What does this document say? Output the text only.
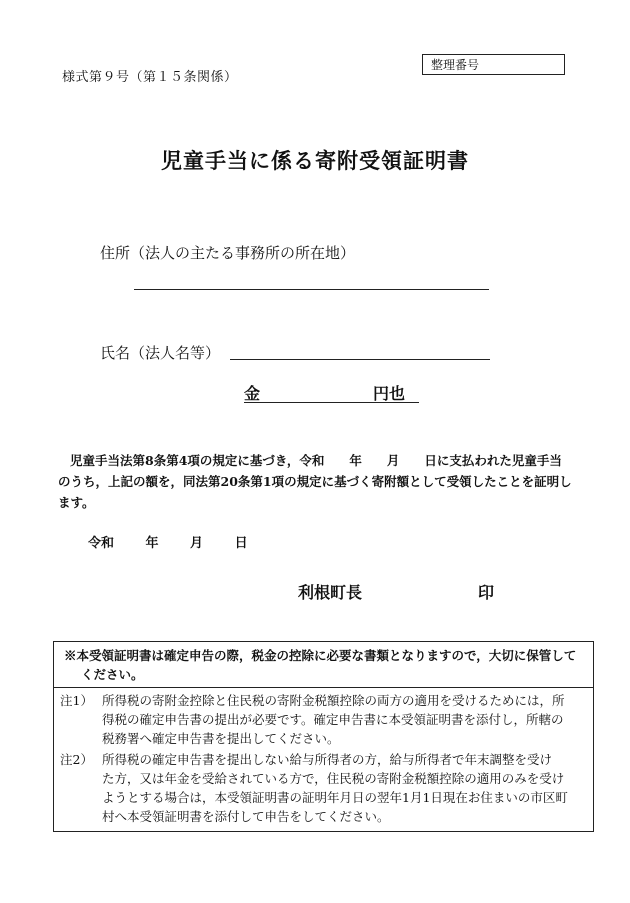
様式第９号（第１５条関係）
整理番号
児童手当に係る寄附受領証明書
住所（法人の主たる事務所の所在地）
氏名（法人名等）
金	円也
児童手当法第8条第4項の規定に基づき，令和　　年　　月　　日に支払われた児童手当
のうち，上記の額を，同法第20条第1項の規定に基づく寄附額として受領したことを証明し
ます。
令和　 年　 月　 日
利根町長	印
※本受領証明書は確定申告の際，税金の控除に必要な書類となりますので，大切に保管して
ください。
注1） 所得税の寄附金控除と住民税の寄附金税額控除の両方の適用を受けるためには，所
得税の確定申告書の提出が必要です。確定申告書に本受領証明書を添付し，所轄の
税務署へ確定申告書を提出してください。
注2） 所得税の確定申告書を提出しない給与所得者の方，給与所得者で年末調整を受け
た方，又は年金を受給されている方で，住民税の寄附金税額控除の適用のみを受け
ようとする場合は，本受領証明書の証明年月日の翌年1月1日現在お住まいの市区町
村へ本受領証明書を添付して申告をしてください。
